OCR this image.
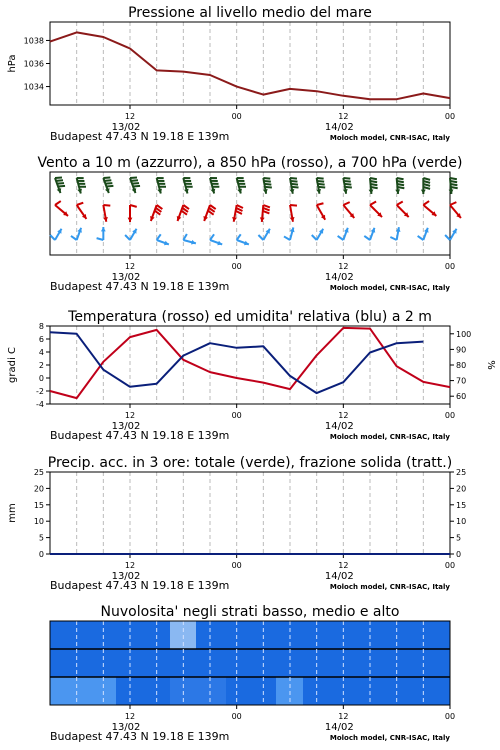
Pressione al livello medio del mare
12	00	12	00
13/02	14/02
Budapest 47.43 N 19.18 E 139m	Moloch model, CNR-ISAC, Italy
1034
1036
1038
hPa
Vento a 10 m (azzurro), a 850 hPa (rosso), a 700 hPa (verde)
12	00	12	00
13/02	14/02
Budapest 47.43 N 19.18 E 139m	Moloch model, CNR-ISAC, Italy
Temperatura (rosso) ed umidita' relativa (blu) a 2 m
12	00	12	00
13/02	14/02
Budapest 47.43 N 19.18 E 139m	Moloch model, CNR-ISAC, Italy
8
6
4
2
0
-2
-4
100
90
80
70
60
gradi C	%
Precip. acc. in 3 ore: totale (verde), frazione solida (tratt.)
12	00	12	00
13/02	14/02
Budapest 47.43 N 19.18 E 139m	Moloch model, CNR-ISAC, Italy
25
20
15
10
5
0
25
20
15
10
5
0
mm
Nuvolosita' negli strati basso, medio e alto
12	00	12	00
13/02	14/02
Budapest 47.43 N 19.18 E 139m	Moloch model, CNR-ISAC, Italy
